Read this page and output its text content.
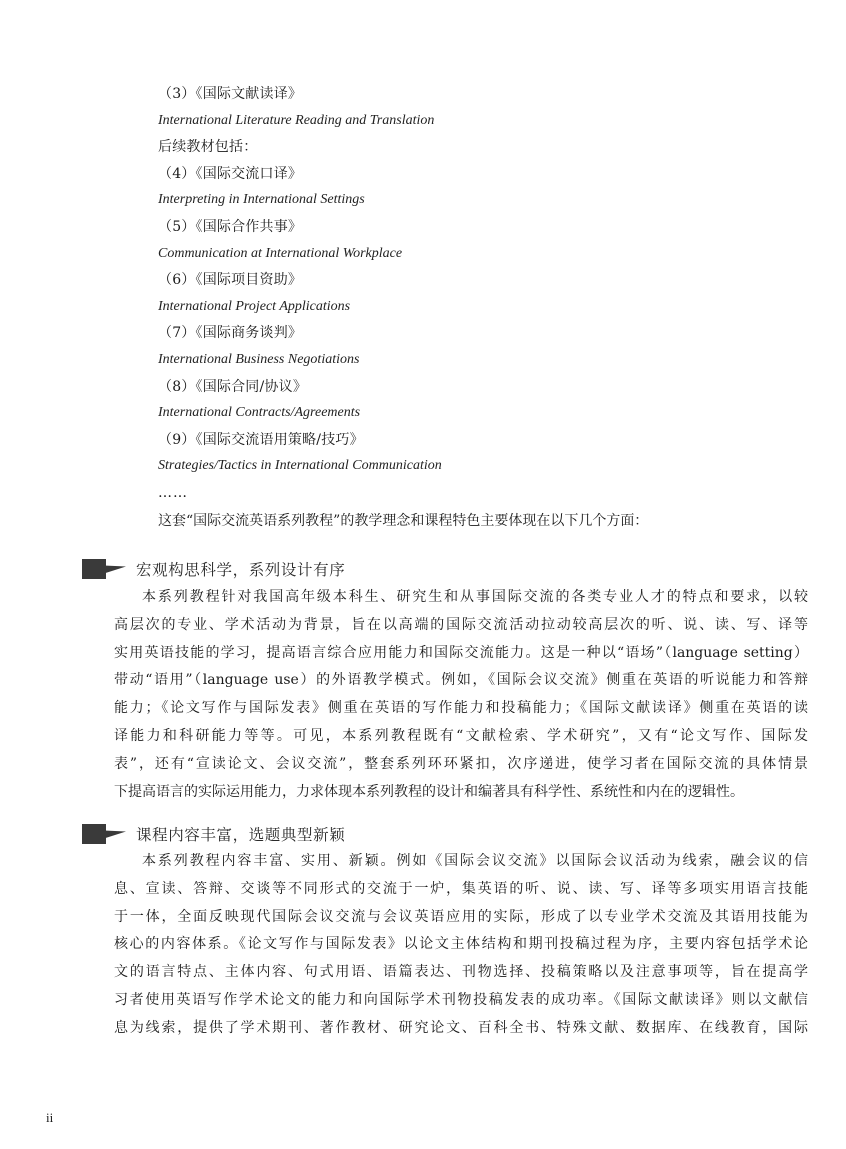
（3）《国际文献读译》
International Literature Reading and Translation
后续教材包括：
（4）《国际交流口译》
Interpreting in International Settings
（5）《国际合作共事》
Communication at International Workplace
（6）《国际项目资助》
International Project Applications
（7）《国际商务谈判》
International Business Negotiations
（8）《国际合同/协议》
International Contracts/Agreements
（9）《国际交流语用策略/技巧》
Strategies/Tactics in International Communication
……
这套“国际交流英语系列教程”的教学理念和课程特色主要体现在以下几个方面：
宏观构思科学，系列设计有序
本系列教程针对我国高年级本科生、研究生和从事国际交流的各类专业人才的特点和要求，以较
高层次的专业、学术活动为背景，旨在以高端的国际交流活动拉动较高层次的听、说、读、写、译等
实用英语技能的学习，提高语言综合应用能力和国际交流能力。这是一种以“语场”（language setting）
带动“语用”（language use）的外语教学模式。例如，《国际会议交流》侧重在英语的听说能力和答辩
能力；《论文写作与国际发表》侧重在英语的写作能力和投稿能力；《国际文献读译》侧重在英语的读
译能力和科研能力等等。可见，本系列教程既有“文献检索、学术研究”，又有“论文写作、国际发
表”，还有“宣读论文、会议交流”，整套系列环环紧扣，次序递进，使学习者在国际交流的具体情景
下提高语言的实际运用能力，力求体现本系列教程的设计和编著具有科学性、系统性和内在的逻辑性。
课程内容丰富，选题典型新颖
本系列教程内容丰富、实用、新颖。例如《国际会议交流》以国际会议活动为线索，融会议的信
息、宣读、答辩、交谈等不同形式的交流于一炉，集英语的听、说、读、写、译等多项实用语言技能
于一体，全面反映现代国际会议交流与会议英语应用的实际，形成了以专业学术交流及其语用技能为
核心的内容体系。《论文写作与国际发表》以论文主体结构和期刊投稿过程为序，主要内容包括学术论
文的语言特点、主体内容、句式用语、语篇表达、刊物选择、投稿策略以及注意事项等，旨在提高学
习者使用英语写作学术论文的能力和向国际学术刊物投稿发表的成功率。《国际文献读译》则以文献信
息为线索，提供了学术期刊、著作教材、研究论文、百科全书、特殊文献、数据库、在线教育，国际
ii
